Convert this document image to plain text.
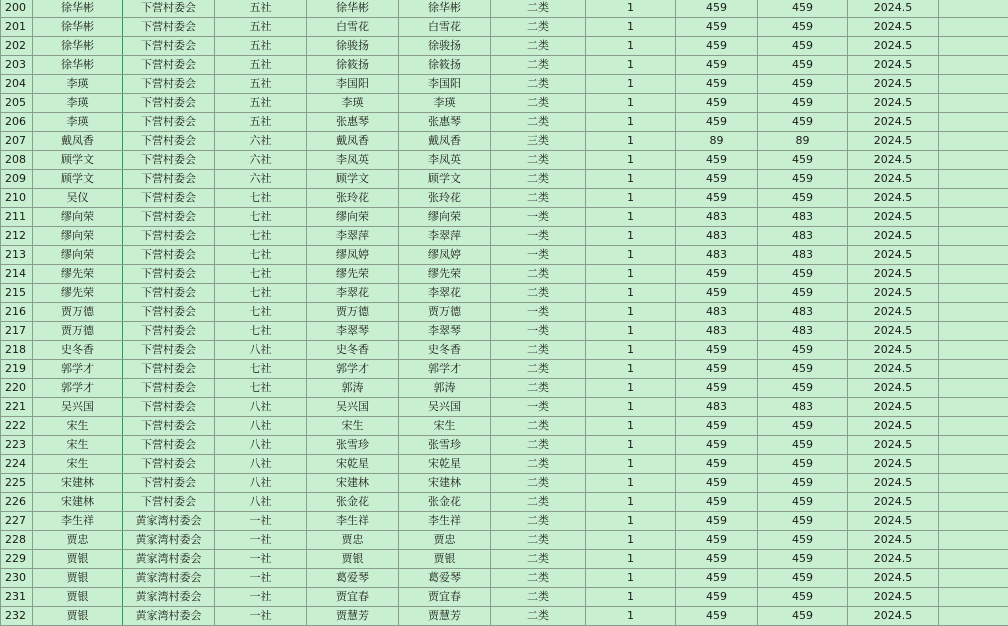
200	徐华彬	下营村委会	五社	徐华彬	徐华彬	二类	1	459	459	2024.5	
201	徐华彬	下营村委会	五社	白雪花	白雪花	二类	1	459	459	2024.5	
202	徐华彬	下营村委会	五社	徐骏扬	徐骏扬	二类	1	459	459	2024.5	
203	徐华彬	下营村委会	五社	徐筱扬	徐筱扬	二类	1	459	459	2024.5	
204	李瑛	下营村委会	五社	李国阳	李国阳	二类	1	459	459	2024.5	
205	李瑛	下营村委会	五社	李瑛	李瑛	二类	1	459	459	2024.5	
206	李瑛	下营村委会	五社	张惠琴	张惠琴	二类	1	459	459	2024.5	
207	戴凤香	下营村委会	六社	戴凤香	戴凤香	三类	1	89	89	2024.5	
208	顾学文	下营村委会	六社	李凤英	李凤英	二类	1	459	459	2024.5	
209	顾学文	下营村委会	六社	顾学文	顾学文	二类	1	459	459	2024.5	
210	吴仪	下营村委会	七社	张玲花	张玲花	二类	1	459	459	2024.5	
211	缪向荣	下营村委会	七社	缪向荣	缪向荣	一类	1	483	483	2024.5	
212	缪向荣	下营村委会	七社	李翠萍	李翠萍	一类	1	483	483	2024.5	
213	缪向荣	下营村委会	七社	缪凤婷	缪凤婷	一类	1	483	483	2024.5	
214	缪先荣	下营村委会	七社	缪先荣	缪先荣	二类	1	459	459	2024.5	
215	缪先荣	下营村委会	七社	李翠花	李翠花	二类	1	459	459	2024.5	
216	贾万德	下营村委会	七社	贾万德	贾万德	一类	1	483	483	2024.5	
217	贾万德	下营村委会	七社	李翠琴	李翠琴	一类	1	483	483	2024.5	
218	史冬香	下营村委会	八社	史冬香	史冬香	二类	1	459	459	2024.5	
219	郭学才	下营村委会	七社	郭学才	郭学才	二类	1	459	459	2024.5	
220	郭学才	下营村委会	七社	郭涛	郭涛	二类	1	459	459	2024.5	
221	吴兴国	下营村委会	八社	吴兴国	吴兴国	一类	1	483	483	2024.5	
222	宋生	下营村委会	八社	宋生	宋生	二类	1	459	459	2024.5	
223	宋生	下营村委会	八社	张雪珍	张雪珍	二类	1	459	459	2024.5	
224	宋生	下营村委会	八社	宋乾星	宋乾星	二类	1	459	459	2024.5	
225	宋建林	下营村委会	八社	宋建林	宋建林	二类	1	459	459	2024.5	
226	宋建林	下营村委会	八社	张金花	张金花	二类	1	459	459	2024.5	
227	李生祥	黄家湾村委会	一社	李生祥	李生祥	二类	1	459	459	2024.5	
228	贾忠	黄家湾村委会	一社	贾忠	贾忠	二类	1	459	459	2024.5	
229	贾银	黄家湾村委会	一社	贾银	贾银	二类	1	459	459	2024.5	
230	贾银	黄家湾村委会	一社	葛爱琴	葛爱琴	二类	1	459	459	2024.5	
231	贾银	黄家湾村委会	一社	贾宜春	贾宜春	二类	1	459	459	2024.5	
232	贾银	黄家湾村委会	一社	贾慧芳	贾慧芳	二类	1	459	459	2024.5	
